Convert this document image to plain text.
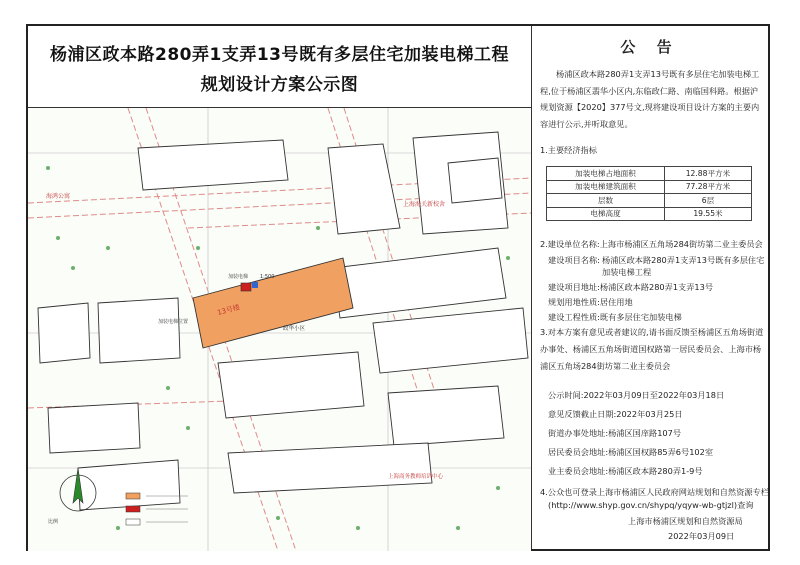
杨浦区政本路280弄1支弄13号既有多层住宅加装电梯工程
规划设计方案公示图
海鸿公寓
13号楼
政华小区
上海海关新校舍
上海商务教师培训中心
加装电梯位置
加装电梯 1:500
比例
公 告
杨浦区政本路280弄1支弄13号既有多层住宅加装电梯工程,位于杨浦区翡华小区内,东临政仁路、南临国科路。根据沪规划资源【2020】377号文,现将建设项目设计方案的主要内容进行公示,并听取意见。
1.主要经济指标
加装电梯占地面积	12.88平方米
加装电梯建筑面积	77.28平方米
层数	6层
电梯高度	19.55米
2.建设单位名称:上海市杨浦区五角场284街坊第二业主委员会
建设项目名称: 杨浦区政本路280弄1支弄13号既有多层住宅
加装电梯工程
建设项目地址:杨浦区政本路280弄1支弄13号
规划用地性质:居住用地
建设工程性质:既有多层住宅加装电梯
3.对本方案有意见或者建议的,请书面反馈至杨浦区五角场街道办事处、杨浦区五角场街道国权路第一居民委员会、上海市杨浦区五角场284街坊第二业主委员会
公示时间:2022年03月09日至2022年03月18日
意见反馈截止日期:2022年03月25日
街道办事处地址:杨浦区国庠路107号
居民委员会地址:杨浦区国权路85弄6号102室
业主委员会地址:杨浦区政本路280弄1-9号
4.公众也可登录上海市杨浦区人民政府网站规划和自然资源专栏
(http://www.shyp.gov.cn/shypq/yqyw-wb-gtjzl)查询
上海市杨浦区规划和自然资源局
2022年03月09日
